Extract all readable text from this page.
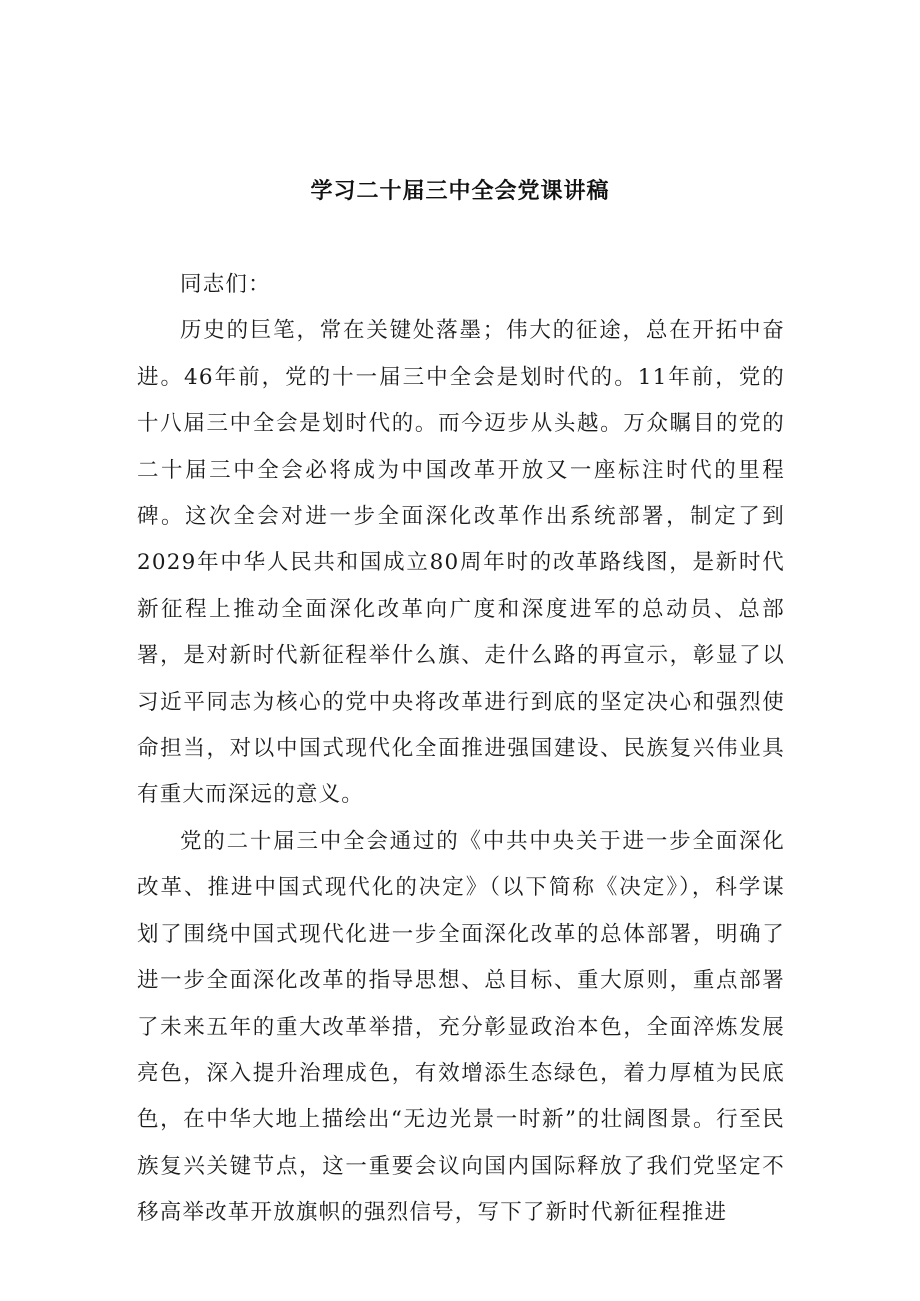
学习二十届三中全会党课讲稿

同志们：

历史的巨笔，常在关键处落墨；伟大的征途，总在开拓中奋进。46年前，党的十一届三中全会是划时代的。11年前，党的十八届三中全会是划时代的。而今迈步从头越。万众瞩目的党的二十届三中全会必将成为中国改革开放又一座标注时代的里程碑。这次全会对进一步全面深化改革作出系统部署，制定了到2029年中华人民共和国成立80周年时的改革路线图，是新时代新征程上推动全面深化改革向广度和深度进军的总动员、总部署，是对新时代新征程举什么旗、走什么路的再宣示，彰显了以习近平同志为核心的党中央将改革进行到底的坚定决心和强烈使命担当，对以中国式现代化全面推进强国建设、民族复兴伟业具有重大而深远的意义。

党的二十届三中全会通过的《中共中央关于进一步全面深化改革、推进中国式现代化的决定》（以下简称《决定》），科学谋划了围绕中国式现代化进一步全面深化改革的总体部署，明确了进一步全面深化改革的指导思想、总目标、重大原则，重点部署了未来五年的重大改革举措，充分彰显政治本色，全面淬炼发展亮色，深入提升治理成色，有效增添生态绿色，着力厚植为民底色，在中华大地上描绘出“无边光景一时新”的壮阔图景。行至民族复兴关键节点，这一重要会议向国内国际释放了我们党坚定不移高举改革开放旗帜的强烈信号，写下了新时代新征程推进
